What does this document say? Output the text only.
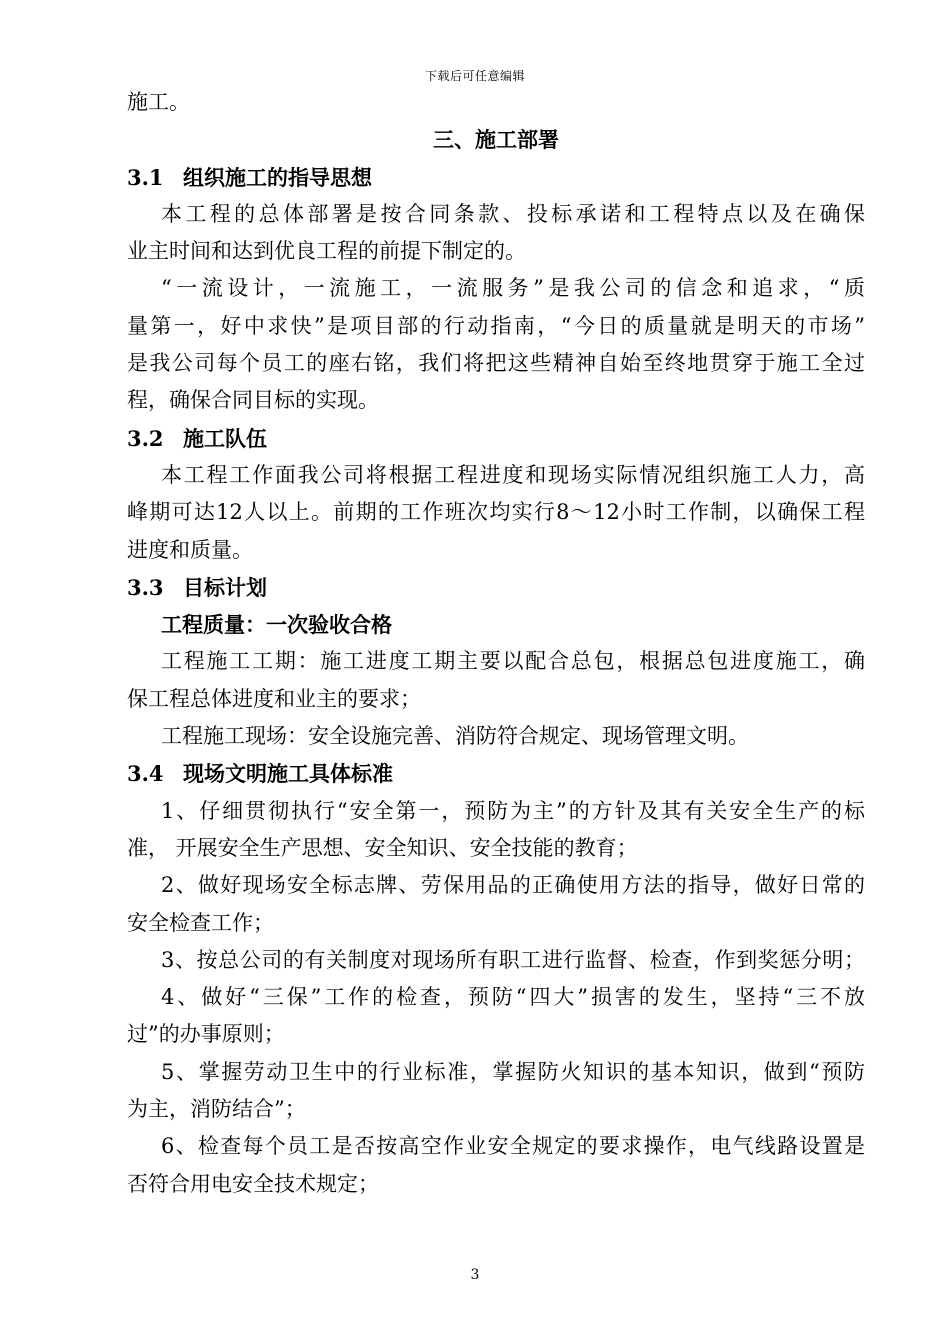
下载后可任意编辑
施工。
三、施工部署
3.1 组织施工的指导思想
本工程的总体部署是按合同条款、投标承诺和工程特点以及在确保
业主时间和达到优良工程的前提下制定的。
“一流设计，一流施工，一流服务”是我公司的信念和追求，“质
量第一，好中求快”是项目部的行动指南，“今日的质量就是明天的市场”
是我公司每个员工的座右铭，我们将把这些精神自始至终地贯穿于施工全过
程，确保合同目标的实现。
3.2 施工队伍
本工程工作面我公司将根据工程进度和现场实际情况组织施工人力，高
峰期可达12人以上。前期的工作班次均实行8～12小时工作制，以确保工程
进度和质量。
3.3 目标计划
工程质量：一次验收合格
工程施工工期：施工进度工期主要以配合总包，根据总包进度施工，确
保工程总体进度和业主的要求；
工程施工现场：安全设施完善、消防符合规定、现场管理文明。
3.4 现场文明施工具体标准
1、仔细贯彻执行“安全第一，预防为主”的方针及其有关安全生产的标
准， 开展安全生产思想、安全知识、安全技能的教育；
2、做好现场安全标志牌、劳保用品的正确使用方法的指导，做好日常的
安全检查工作；
3、按总公司的有关制度对现场所有职工进行监督、检查，作到奖惩分明；
4、做好“三保”工作的检查，预防“四大”损害的发生，坚持“三不放
过”的办事原则；
5、掌握劳动卫生中的行业标准，掌握防火知识的基本知识，做到“预防
为主，消防结合”；
6、检查每个员工是否按高空作业安全规定的要求操作，电气线路设置是
否符合用电安全技术规定；
3
